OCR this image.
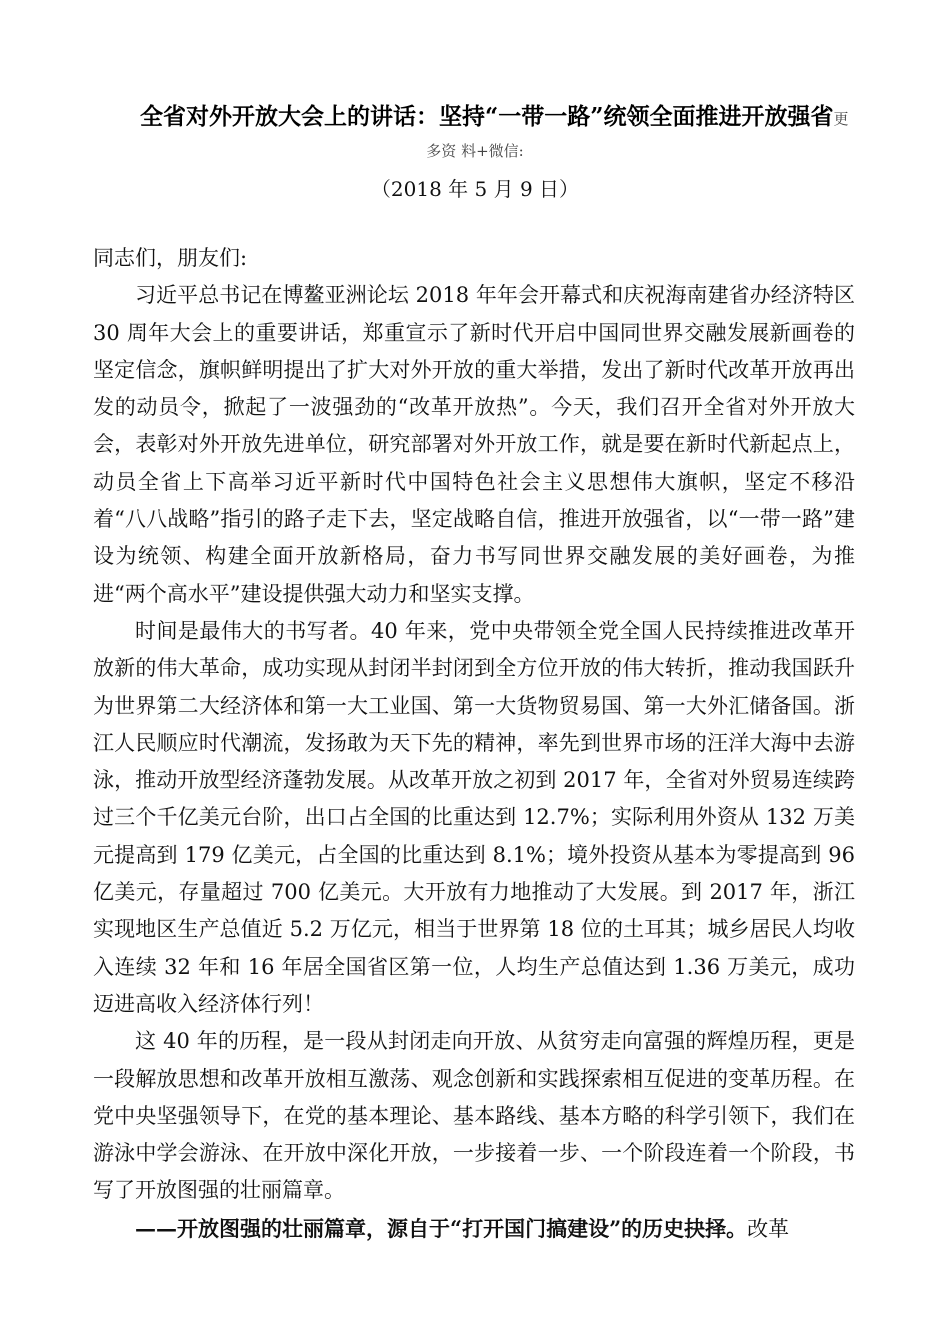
全省对外开放大会上的讲话：坚持“一带一路”统领全面推进开放强省更
多资 料+微信:
（2018 年 5 月 9 日）

同志们，朋友们:

习近平总书记在博鳌亚洲论坛 2018 年年会开幕式和庆祝海南建省办经济特区 30 周年大会上的重要讲话，郑重宣示了新时代开启中国同世界交融发展新画卷的坚定信念，旗帜鲜明提出了扩大对外开放的重大举措，发出了新时代改革开放再出发的动员令，掀起了一波强劲的“改革开放热”。今天，我们召开全省对外开放大会，表彰对外开放先进单位，研究部署对外开放工作，就是要在新时代新起点上，动员全省上下高举习近平新时代中国特色社会主义思想伟大旗帜，坚定不移沿着“八八战略”指引的路子走下去，坚定战略自信，推进开放强省，以“一带一路”建设为统领、构建全面开放新格局，奋力书写同世界交融发展的美好画卷，为推进“两个高水平”建设提供强大动力和坚实支撑。

时间是最伟大的书写者。40 年来，党中央带领全党全国人民持续推进改革开放新的伟大革命，成功实现从封闭半封闭到全方位开放的伟大转折，推动我国跃升为世界第二大经济体和第一大工业国、第一大货物贸易国、第一大外汇储备国。浙江人民顺应时代潮流，发扬敢为天下先的精神，率先到世界市场的汪洋大海中去游泳，推动开放型经济蓬勃发展。从改革开放之初到 2017 年，全省对外贸易连续跨过三个千亿美元台阶，出口占全国的比重达到 12.7%；实际利用外资从 132 万美元提高到 179 亿美元，占全国的比重达到 8.1%；境外投资从基本为零提高到 96 亿美元，存量超过 700 亿美元。大开放有力地推动了大发展。到 2017 年，浙江实现地区生产总值近 5.2 万亿元，相当于世界第 18 位的土耳其；城乡居民人均收入连续 32 年和 16 年居全国省区第一位，人均生产总值达到 1.36 万美元，成功迈进高收入经济体行列！

这 40 年的历程，是一段从封闭走向开放、从贫穷走向富强的辉煌历程，更是一段解放思想和改革开放相互激荡、观念创新和实践探索相互促进的变革历程。在党中央坚强领导下，在党的基本理论、基本路线、基本方略的科学引领下，我们在游泳中学会游泳、在开放中深化开放，一步接着一步、一个阶段连着一个阶段，书写了开放图强的壮丽篇章。

——开放图强的壮丽篇章，源自于“打开国门搞建设”的历史抉择。改革
